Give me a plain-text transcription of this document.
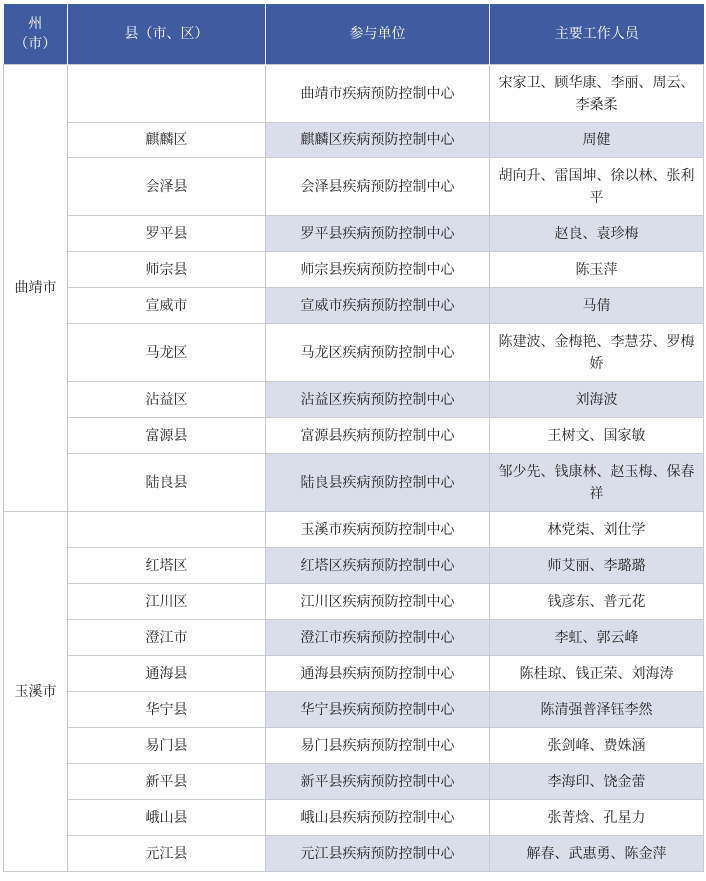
州
（市）	县（市、区）	参与单位	主要工作人员
曲靖市		曲靖市疾病预防控制中心	宋家卫、顾华康、李丽、周云、李桑柔
	麒麟区	麒麟区疾病预防控制中心	周健
	会泽县	会泽县疾病预防控制中心	胡向升、雷国坤、徐以林、张利平
	罗平县	罗平县疾病预防控制中心	赵良、袁珍梅
	师宗县	师宗县疾病预防控制中心	陈玉萍
	宣威市	宣威市疾病预防控制中心	马倩
	马龙区	马龙区疾病预防控制中心	陈建波、金梅艳、李慧芬、罗梅娇
	沾益区	沾益区疾病预防控制中心	刘海波
	富源县	富源县疾病预防控制中心	王树文、国家敏
	陆良县	陆良县疾病预防控制中心	邹少先、钱康林、赵玉梅、保春祥
玉溪市		玉溪市疾病预防控制中心	林党柒、刘仕学
	红塔区	红塔区疾病预防控制中心	师艾丽、李璐璐
	江川区	江川区疾病预防控制中心	钱彦东、普元花
	澄江市	澄江市疾病预防控制中心	李虹、郭云峰
	通海县	通海县疾病预防控制中心	陈桂琼、钱正荣、刘海涛
	华宁县	华宁县疾病预防控制中心	陈清强普泽钰李然
	易门县	易门县疾病预防控制中心	张剑峰、费姝涵
	新平县	新平县疾病预防控制中心	李海印、饶金蕾
	峨山县	峨山县疾病预防控制中心	张菁焓、孔星力
	元江县	元江县疾病预防控制中心	解春、武惠勇、陈金萍
